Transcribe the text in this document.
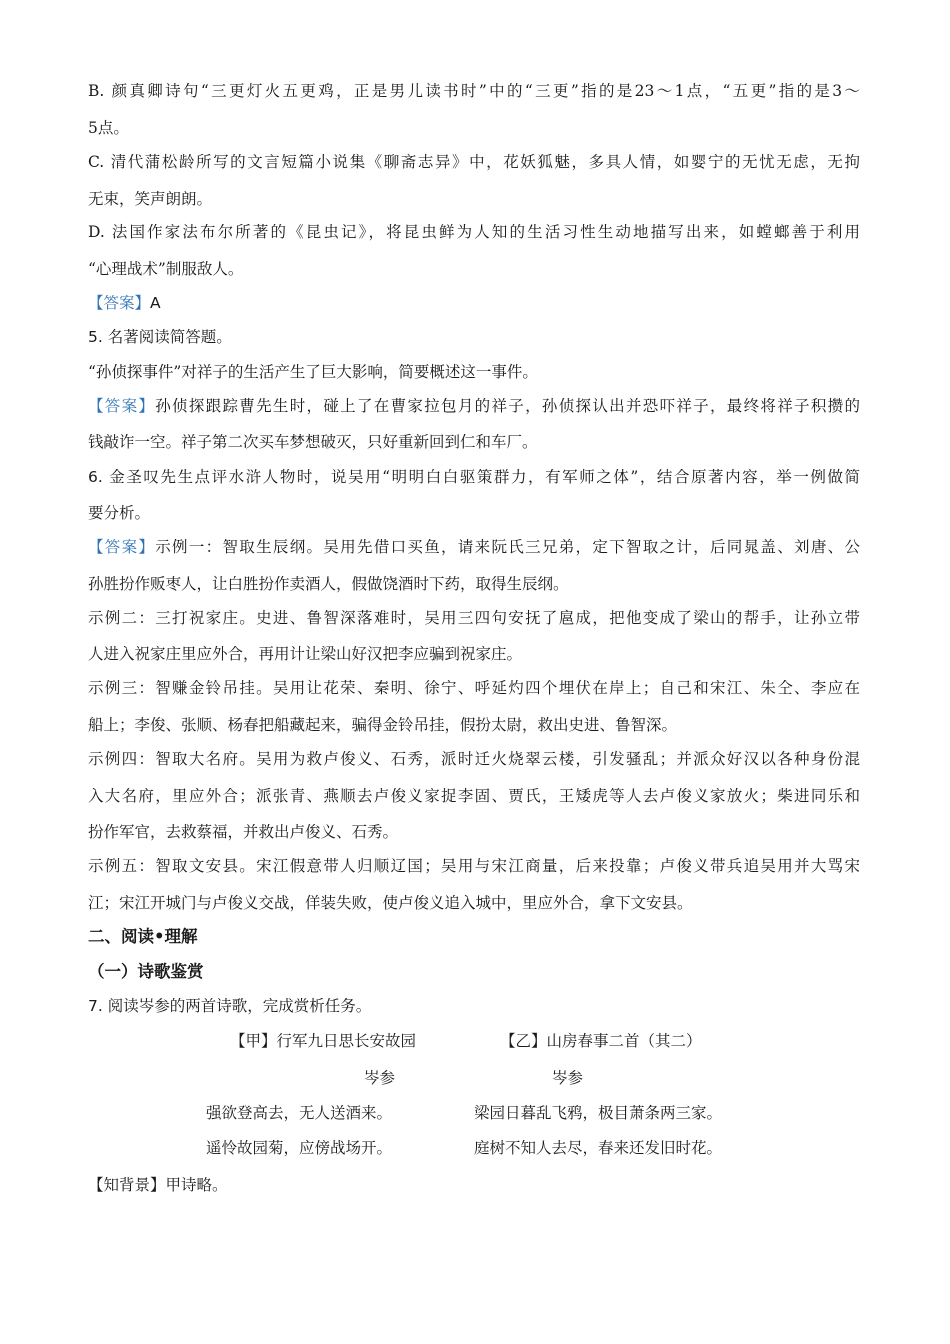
B. 颜真卿诗句“三更灯火五更鸡，正是男儿读书时”中的“三更”指的是23～1点，“五更”指的是3～
5点。
C. 清代蒲松龄所写的文言短篇小说集《聊斋志异》中，花妖狐魅，多具人情，如婴宁的无忧无虑，无拘
无束，笑声朗朗。
D. 法国作家法布尔所著的《昆虫记》，将昆虫鲜为人知的生活习性生动地描写出来，如螳螂善于利用
“心理战术”制服敌人。
【答案】A
5. 名著阅读简答题。
“孙侦探事件”对祥子的生活产生了巨大影响，简要概述这一事件。
【答案】孙侦探跟踪曹先生时，碰上了在曹家拉包月的祥子，孙侦探认出并恐吓祥子，最终将祥子积攒的
钱敲诈一空。祥子第二次买车梦想破灭，只好重新回到仁和车厂。
6. 金圣叹先生点评水浒人物时，说吴用“明明白白驱策群力，有军师之体”，结合原著内容，举一例做简
要分析。
【答案】示例一：智取生辰纲。吴用先借口买鱼，请来阮氏三兄弟，定下智取之计，后同晁盖、刘唐、公
孙胜扮作贩枣人，让白胜扮作卖酒人，假做饶酒时下药，取得生辰纲。
示例二：三打祝家庄。史进、鲁智深落难时，吴用三四句安抚了扈成，把他变成了梁山的帮手，让孙立带
人进入祝家庄里应外合，再用计让梁山好汉把李应骗到祝家庄。
示例三：智赚金铃吊挂。吴用让花荣、秦明、徐宁、呼延灼四个埋伏在岸上；自己和宋江、朱仝、李应在
船上；李俊、张顺、杨春把船藏起来，骗得金铃吊挂，假扮太尉，救出史进、鲁智深。
示例四：智取大名府。吴用为救卢俊义、石秀，派时迁火烧翠云楼，引发骚乱；并派众好汉以各种身份混
入大名府，里应外合；派张青、燕顺去卢俊义家捉李固、贾氏，王矮虎等人去卢俊义家放火；柴进同乐和
扮作军官，去救蔡福，并救出卢俊义、石秀。
示例五：智取文安县。宋江假意带人归顺辽国；吴用与宋江商量，后来投靠；卢俊义带兵追吴用并大骂宋
江；宋江开城门与卢俊义交战，佯装失败，使卢俊义追入城中，里应外合，拿下文安县。
二、阅读•理解
（一）诗歌鉴赏
7. 阅读岑参的两首诗歌，完成赏析任务。
【甲】行军九日思长安故园	【乙】山房春事二首（其二）
岑参	岑参
强欲登高去，无人送酒来。	梁园日暮乱飞鸦，极目萧条两三家。
遥怜故园菊，应傍战场开。	庭树不知人去尽，春来还发旧时花。
【知背景】甲诗略。
